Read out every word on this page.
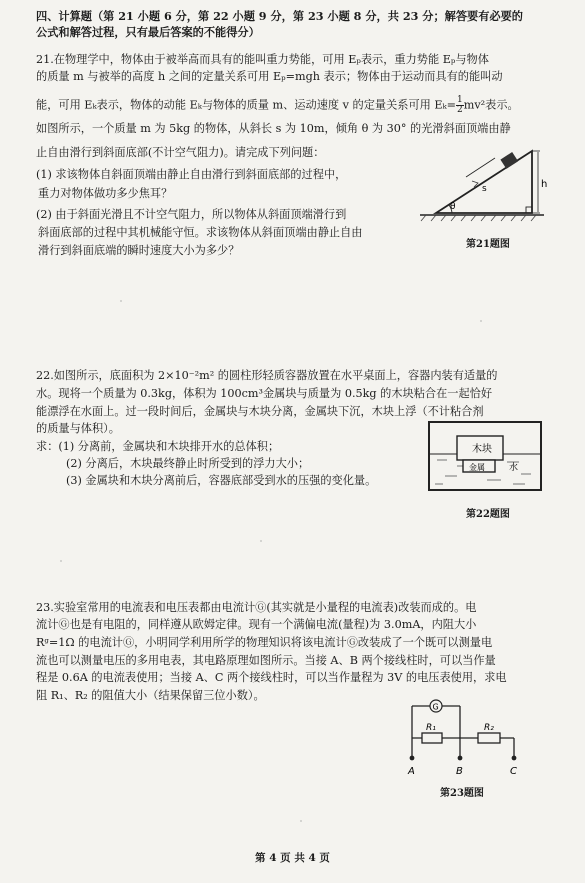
四、计算题（第 21 小题 6 分，第 22 小题 9 分，第 23 小题 8 分，共 23 分；解答要有必要的
公式和解答过程，只有最后答案的不能得分）
21.在物理学中，物体由于被举高而具有的能叫重力势能，可用 Eₚ表示，重力势能 Eₚ与物体
的质量 m 与被举的高度 h 之间的定量关系可用 Eₚ=mgh 表示；物体由于运动而具有的能叫动
能，可用 Eₖ表示，物体的动能 Eₖ与物体的质量 m、运动速度 v 的定量关系可用 $E_k= \frac{1}{2} mv^2$表示。
如图所示，一个质量 m 为 5kg 的物体，从斜长 s 为 10m，倾角 θ 为 30° 的光滑斜面顶端由静
止自由滑行到斜面底部(不计空气阻力)。请完成下列问题：
(1) 求该物体自斜面顶端由静止自由滑行到斜面底部的过程中，
重力对物体做功多少焦耳？
(2) 由于斜面光滑且不计空气阻力，所以物体从斜面顶端滑行到
斜面底部的过程中其机械能守恒。求该物体从斜面顶端由静止自由
滑行到斜面底端的瞬时速度大小为多少？
θ
s	h
第21题图
22.如图所示，底面积为 2×10⁻²m² 的圆柱形轻质容器放置在水平桌面上，容器内装有适量的
水。现将一个质量为 0.3kg，体积为 100cm³金属块与质量为 0.5kg 的木块粘合在一起恰好
能漂浮在水面上。过一段时间后，金属块与木块分离，金属块下沉，木块上浮（不计粘合剂
的质量与体积）。
求：(1) 分离前，金属块和木块排开水的总体积；
(2) 分离后，木块最终静止时所受到的浮力大小；
(3) 金属块和木块分离前后，容器底部受到水的压强的变化量。
木块
金属	水
第22题图
23.实验室常用的电流表和电压表都由电流计Ⓖ(其实就是小量程的电流表)改装而成的。电
流计Ⓖ也是有电阻的，同样遵从欧姆定律。现有一个满偏电流(量程)为 3.0mA，内阻大小
Rᵍ=1Ω 的电流计Ⓖ，小明同学利用所学的物理知识将该电流计Ⓖ改装成了一个既可以测量电
流也可以测量电压的多用电表，其电路原理如图所示。当接 A、B 两个接线柱时，可以当作量
程是 0.6A 的电流表使用；当接 A、C 两个接线柱时，可以当作量程为 3V 的电压表使用，求电
阻 R₁、R₂ 的阻值大小（结果保留三位小数）。
G
R₁	R₂
A	B	C
第23题图
第 4 页 共 4 页
